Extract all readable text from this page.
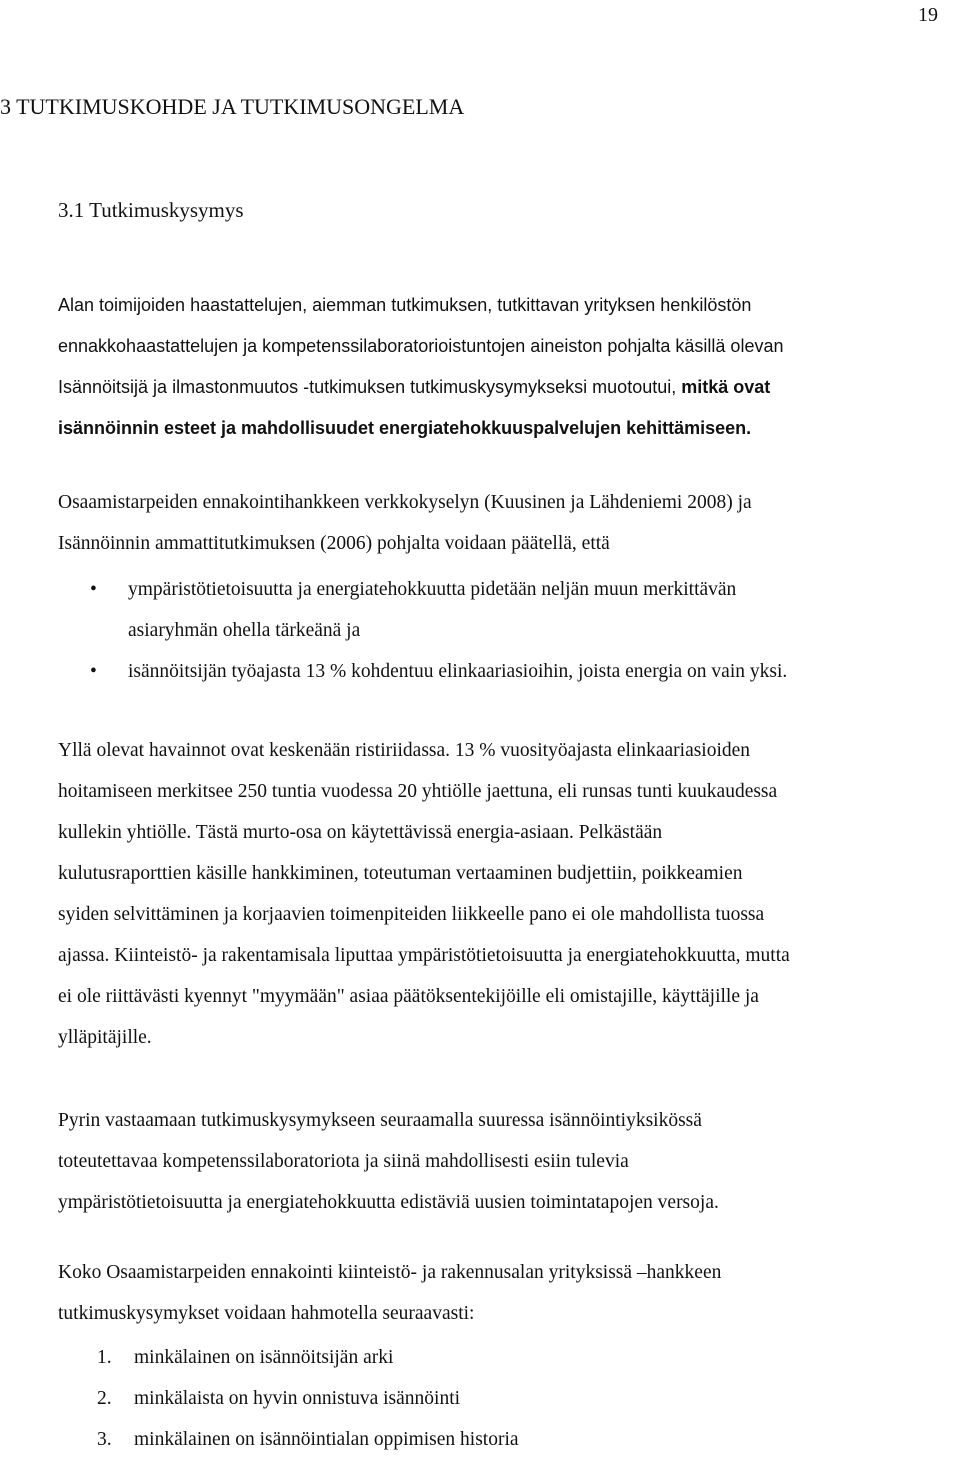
19
3 TUTKIMUSKOHDE JA TUTKIMUSONGELMA
3.1 Tutkimuskysymys

Alan toimijoiden haastattelujen, aiemman tutkimuksen, tutkittavan yrityksen henkilöstön
ennakkohaastattelujen ja kompetenssilaboratorioistuntojen aineiston pohjalta käsillä olevan
Isännöitsijä ja ilmastonmuutos -tutkimuksen tutkimuskysymykseksi muotoutui, mitkä ovat
isännöinnin esteet ja mahdollisuudet energiatehokkuuspalvelujen kehittämiseen.

Osaamistarpeiden ennakointihankkeen verkkokyselyn (Kuusinen ja Lähdeniemi 2008) ja
Isännöinnin ammattitutkimuksen (2006) pohjalta voidaan päätellä, että

• ympäristötietoisuutta ja energiatehokkuutta pidetään neljän muun merkittävän
asiaryhmän ohella tärkeänä ja
• isännöitsijän työajasta 13 % kohdentuu elinkaariasioihin, joista energia on vain yksi.

Yllä olevat havainnot ovat keskenään ristiriidassa. 13 % vuosityöajasta elinkaariasioiden
hoitamiseen merkitsee 250 tuntia vuodessa 20 yhtiölle jaettuna, eli runsas tunti kuukaudessa
kullekin yhtiölle. Tästä murto-osa on käytettävissä energia-asiaan. Pelkästään
kulutusraporttien käsille hankkiminen, toteutuman vertaaminen budjettiin, poikkeamien
syiden selvittäminen ja korjaavien toimenpiteiden liikkeelle pano ei ole mahdollista tuossa
ajassa. Kiinteistö- ja rakentamisala liputtaa ympäristötietoisuutta ja energiatehokkuutta, mutta
ei ole riittävästi kyennyt "myymään" asiaa päätöksentekijöille eli omistajille, käyttäjille ja
ylläpitäjille.

Pyrin vastaamaan tutkimuskysymykseen seuraamalla suuressa isännöintiyksikössä
toteutettavaa kompetenssilaboratoriota ja siinä mahdollisesti esiin tulevia
ympäristötietoisuutta ja energiatehokkuutta edistäviä uusien toimintatapojen versoja.

Koko Osaamistarpeiden ennakointi kiinteistö- ja rakennusalan yrityksissä –hankkeen
tutkimuskysymykset voidaan hahmotella seuraavasti:

1. minkälainen on isännöitsijän arki
2. minkälaista on hyvin onnistuva isännöinti
3. minkälainen on isännöintialan oppimisen historia
